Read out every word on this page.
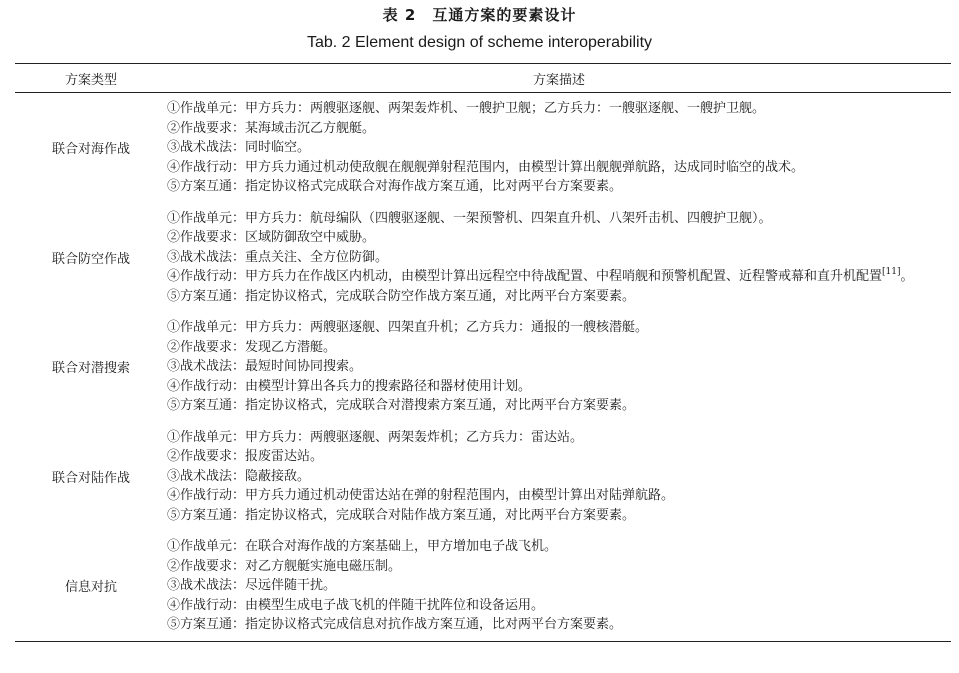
表 2　互通方案的要素设计
Tab. 2 Element design of scheme interoperability
方案类型	方案描述
联合对海作战	①作战单元：甲方兵力：两艘驱逐舰、两架轰炸机、一艘护卫舰；乙方兵力：一艘驱逐舰、一艘护卫舰。
②作战要求：某海域击沉乙方舰艇。
③战术战法：同时临空。
④作战行动：甲方兵力通过机动使敌舰在舰舰弹射程范围内，由模型计算出舰舰弹航路，达成同时临空的战术。
⑤方案互通：指定协议格式完成联合对海作战方案互通，比对两平台方案要素。

联合防空作战	①作战单元：甲方兵力：航母编队（四艘驱逐舰、一架预警机、四架直升机、八架歼击机、四艘护卫舰）。
②作战要求：区域防御敌空中威胁。
③战术战法：重点关注、全方位防御。
④作战行动：甲方兵力在作战区内机动，由模型计算出远程空中待战配置、中程哨舰和预警机配置、近程警戒幕和直升机配置[11]。
⑤方案互通：指定协议格式，完成联合防空作战方案互通，对比两平台方案要素。

联合对潜搜索	①作战单元：甲方兵力：两艘驱逐舰、四架直升机；乙方兵力：通报的一艘核潜艇。
②作战要求：发现乙方潜艇。
③战术战法：最短时间协同搜索。
④作战行动：由模型计算出各兵力的搜索路径和器材使用计划。
⑤方案互通：指定协议格式，完成联合对潜搜索方案互通，对比两平台方案要素。

联合对陆作战	①作战单元：甲方兵力：两艘驱逐舰、两架轰炸机；乙方兵力：雷达站。
②作战要求：报废雷达站。
③战术战法：隐蔽接敌。
④作战行动：甲方兵力通过机动使雷达站在弹的射程范围内，由模型计算出对陆弹航路。
⑤方案互通：指定协议格式，完成联合对陆作战方案互通，对比两平台方案要素。

信息对抗	①作战单元：在联合对海作战的方案基础上，甲方增加电子战飞机。
②作战要求：对乙方舰艇实施电磁压制。
③战术战法：尽远伴随干扰。
④作战行动：由模型生成电子战飞机的伴随干扰阵位和设备运用。
⑤方案互通：指定协议格式完成信息对抗作战方案互通，比对两平台方案要素。
